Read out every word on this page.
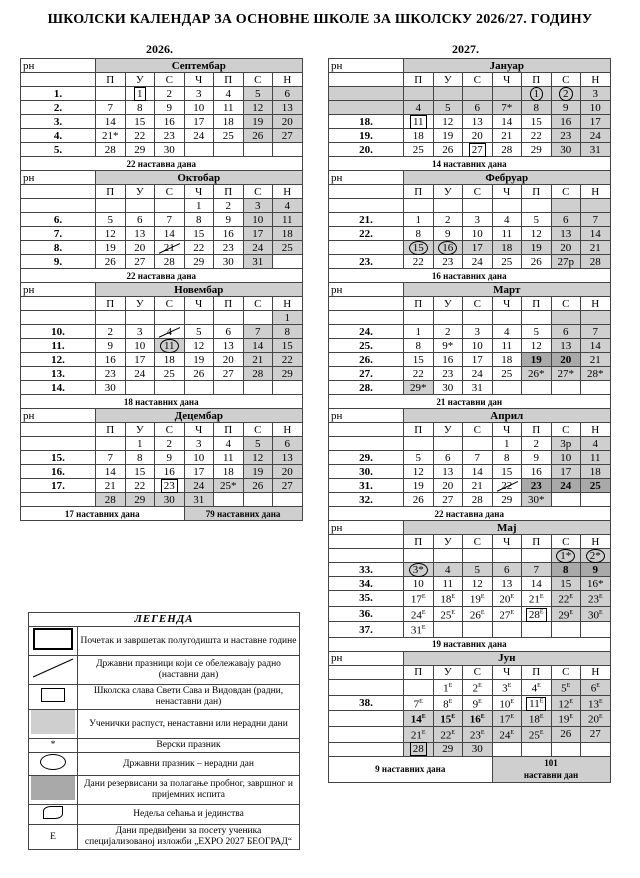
ШКОЛСКИ КАЛЕНДАР ЗА ОСНОВНЕ ШКОЛЕ ЗА ШКОЛСКУ 2026/27. ГОДИНУ
2026.	2027.
рн	Септембар						
	П	У	С	Ч	П	С	Н
1.		1	2	3	4	5	6
2.	7	8	9	10	11	12	13
3.	14	15	16	17	18	19	20
4.	21*	22	23	24	25	26	27
5.	28	29	30				
22 наставна дана							
рн	Октобар						
	П	У	С	Ч	П	С	Н
				1	2	3	4
6.	5	6	7	8	9	10	11
7.	12	13	14	15	16	17	18
8.	19	20	21	22	23	24	25
9.	26	27	28	29	30	31	
22 наставна дана							
рн	Новембар						
	П	У	С	Ч	П	С	Н
							1
10.	2	3	4	5	6	7	8
11.	9	10	11	12	13	14	15
12.	16	17	18	19	20	21	22
13.	23	24	25	26	27	28	29
14.	30						
18 наставних дана							
рн	Децембар						
	П	У	С	Ч	П	С	Н
		1	2	3	4	5	6
15.	7	8	9	10	11	12	13
16.	14	15	16	17	18	19	20
17.	21	22	23	24	25*	26	27
	28	29	30	31			
17 наставних дана				79 наставних дана			
рн	Јануар						
	П	У	С	Ч	П	С	Н
					1	2	3
	4	5	6	7*	8	9	10
18.	11	12	13	14	15	16	17
19.	18	19	20	21	22	23	24
20.	25	26	27	28	29	30	31
14 наставних дана							
рн	Фебруар						
	П	У	С	Ч	П	С	Н

21.	1	2	3	4	5	6	7
22.	8	9	10	11	12	13	14
	15	16	17	18	19	20	21
23.	22	23	24	25	26	27р	28
16 наставних дана							
рн	Март						
	П	У	С	Ч	П	С	Н

24.	1	2	3	4	5	6	7
25.	8	9*	10	11	12	13	14
26.	15	16	17	18	19	20	21
27.	22	23	24	25	26*	27*	28*
28.	29*	30	31				
21 наставни дан							
рн	Април						
	П	У	С	Ч	П	С	Н
				1	2	3р	4
29.	5	6	7	8	9	10	11
30.	12	13	14	15	16	17	18
31.	19	20	21	22	23	24	25
32.	26	27	28	29	30*		
22 наставна дана							
рн	Мај						
	П	У	С	Ч	П	С	Н
						1*	2*
33.	3*	4	5	6	7	8	9
34.	10	11	12	13	14	15	16*
35.	$17^Е$	$18^Е$	$19^Е$	$20^Е$	$21^Е$	$22^Е$	$23^Е$
36.	$24^Е$	$25^Е$	$26^Е$	$27^Е$	$28^Е$	$29^Е$	$30^Е$
37.	$31^Е$						
19 наставних дана							
рн	Јун						
	П	У	С	Ч	П	С	Н
		$1^Е$	$2^Е$	$3^Е$	$4^Е$	$5^Е$	$6^Е$
38.	$7^Е$	$8^Е$	$9^Е$	$10^Е$	$11^Е$	$12^Е$	$13^Е$
	$14^Е$	$15^Е$	$16^Е$	$17^Е$	$18^Е$	$19^Е$	$20^Е$
	$21^Е$	$22^Е$	$23^Е$	$24^Е$	$25^Е$	26	27
	28	29	30				
9 наставних дана				101
наставни дан			
ЛЕГЕНДА	
	Почетак и завршетак полугодишта и наставне године
	Државни празници који се обележавају радно (наставни дан)
	Школска слава Свети Сава и Видовдан (радни, ненаставни дан)
	Ученички распуст, ненаставни или нерадни дани
*	Верски празник
	Државни празник – нерадни дан
	Дани резервисани за полагање пробног, завршног и пријемних испита
	Недеља сећања и јединства
Е	Дани предвиђени за посету ученика специјализованој изложби „EXPO 2027 БЕОГРАД“
